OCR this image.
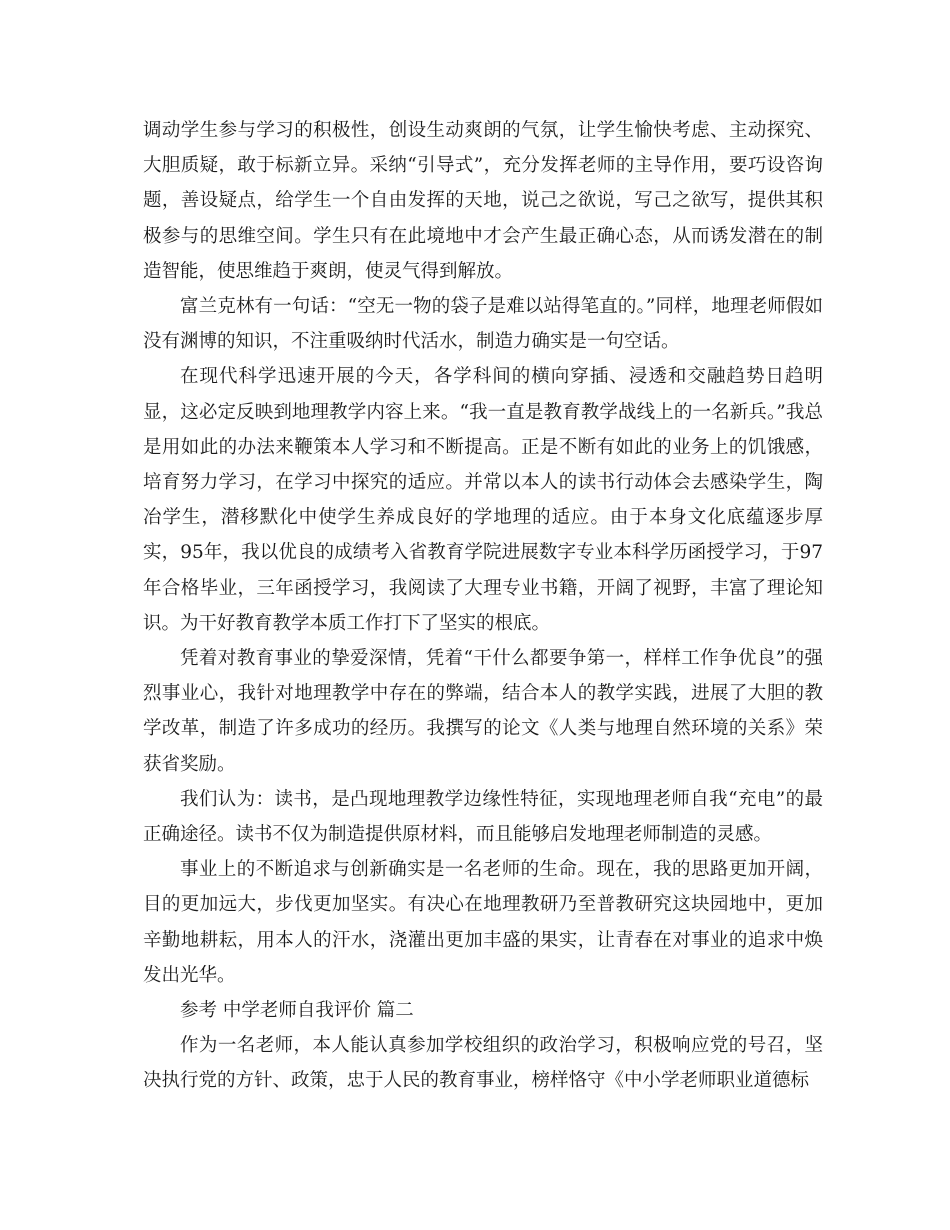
调动学生参与学习的积极性，创设生动爽朗的气氛，让学生愉快考虑、主动探究、大胆质疑，敢于标新立异。采纳“引导式”，充分发挥老师的主导作用，要巧设咨询题，善设疑点，给学生一个自由发挥的天地，说己之欲说，写己之欲写，提供其积极参与的思维空间。学生只有在此境地中才会产生最正确心态，从而诱发潜在的制造智能，使思维趋于爽朗，使灵气得到解放。

富兰克林有一句话：“空无一物的袋子是难以站得笔直的。”同样，地理老师假如没有渊博的知识，不注重吸纳时代活水，制造力确实是一句空话。

在现代科学迅速开展的今天，各学科间的横向穿插、浸透和交融趋势日趋明显，这必定反映到地理教学内容上来。“我一直是教育教学战线上的一名新兵。”我总是用如此的办法来鞭策本人学习和不断提高。正是不断有如此的业务上的饥饿感，培育努力学习，在学习中探究的适应。并常以本人的读书行动体会去感染学生，陶冶学生，潜移默化中使学生养成良好的学地理的适应。由于本身文化底蕴逐步厚实，95年，我以优良的成绩考入省教育学院进展数字专业本科学历函授学习，于97年合格毕业，三年函授学习，我阅读了大理专业书籍，开阔了视野，丰富了理论知识。为干好教育教学本质工作打下了坚实的根底。

凭着对教育事业的挚爱深情，凭着“干什么都要争第一，样样工作争优良”的强烈事业心，我针对地理教学中存在的弊端，结合本人的教学实践，进展了大胆的教学改革，制造了许多成功的经历。我撰写的论文《人类与地理自然环境的关系》荣获省奖励。

我们认为：读书，是凸现地理教学边缘性特征，实现地理老师自我“充电”的最正确途径。读书不仅为制造提供原材料，而且能够启发地理老师制造的灵感。

事业上的不断追求与创新确实是一名老师的生命。现在，我的思路更加开阔，目的更加远大，步伐更加坚实。有决心在地理教研乃至普教研究这块园地中，更加辛勤地耕耘，用本人的汗水，浇灌出更加丰盛的果实，让青春在对事业的追求中焕发出光华。

参考 中学老师自我评价 篇二

作为一名老师，本人能认真参加学校组织的政治学习，积极响应党的号召，坚决执行党的方针、政策，忠于人民的教育事业，榜样恪守《中小学老师职业道德标
